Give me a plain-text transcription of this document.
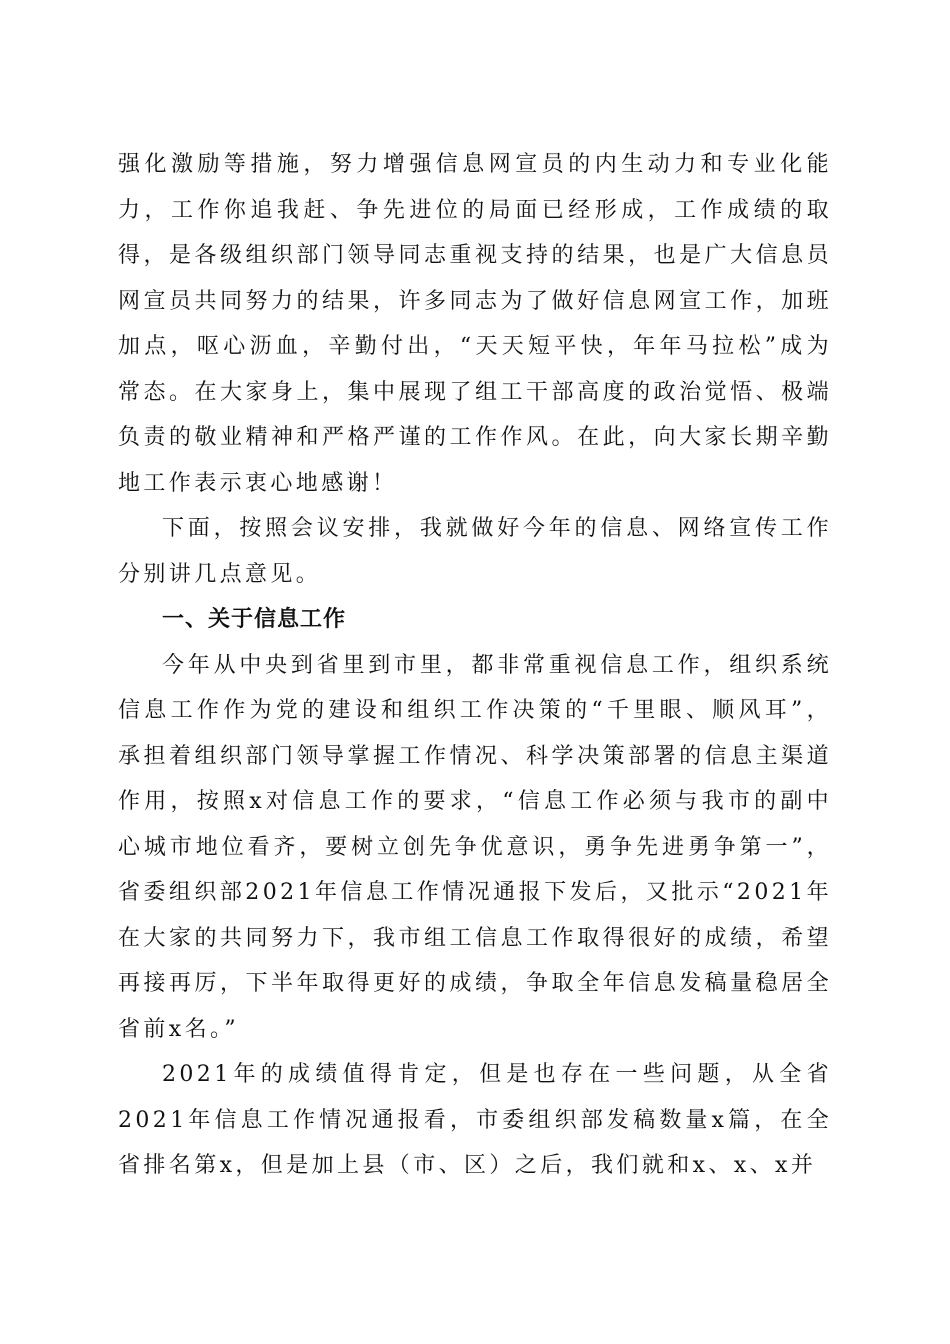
强化激励等措施，努力增强信息网宣员的内生动力和专业化能力，工作你追我赶、争先进位的局面已经形成，工作成绩的取得，是各级组织部门领导同志重视支持的结果，也是广大信息员网宣员共同努力的结果，许多同志为了做好信息网宣工作，加班加点，呕心沥血，辛勤付出，“天天短平快，年年马拉松”成为常态。在大家身上，集中展现了组工干部高度的政治觉悟、极端负责的敬业精神和严格严谨的工作作风。在此，向大家长期辛勤地工作表示衷心地感谢！

下面，按照会议安排，我就做好今年的信息、网络宣传工作分别讲几点意见。

一、关于信息工作

今年从中央到省里到市里，都非常重视信息工作，组织系统信息工作作为党的建设和组织工作决策的“千里眼、顺风耳”，承担着组织部门领导掌握工作情况、科学决策部署的信息主渠道作用，按照x对信息工作的要求，“信息工作必须与我市的副中心城市地位看齐，要树立创先争优意识，勇争先进勇争第一”，省委组织部2021年信息工作情况通报下发后，又批示“2021年在大家的共同努力下，我市组工信息工作取得很好的成绩，希望再接再厉，下半年取得更好的成绩，争取全年信息发稿量稳居全省前x名。”

2021年的成绩值得肯定，但是也存在一些问题，从全省2021年信息工作情况通报看，市委组织部发稿数量x篇，在全省排名第x，但是加上县（市、区）之后，我们就和x、x、x并
